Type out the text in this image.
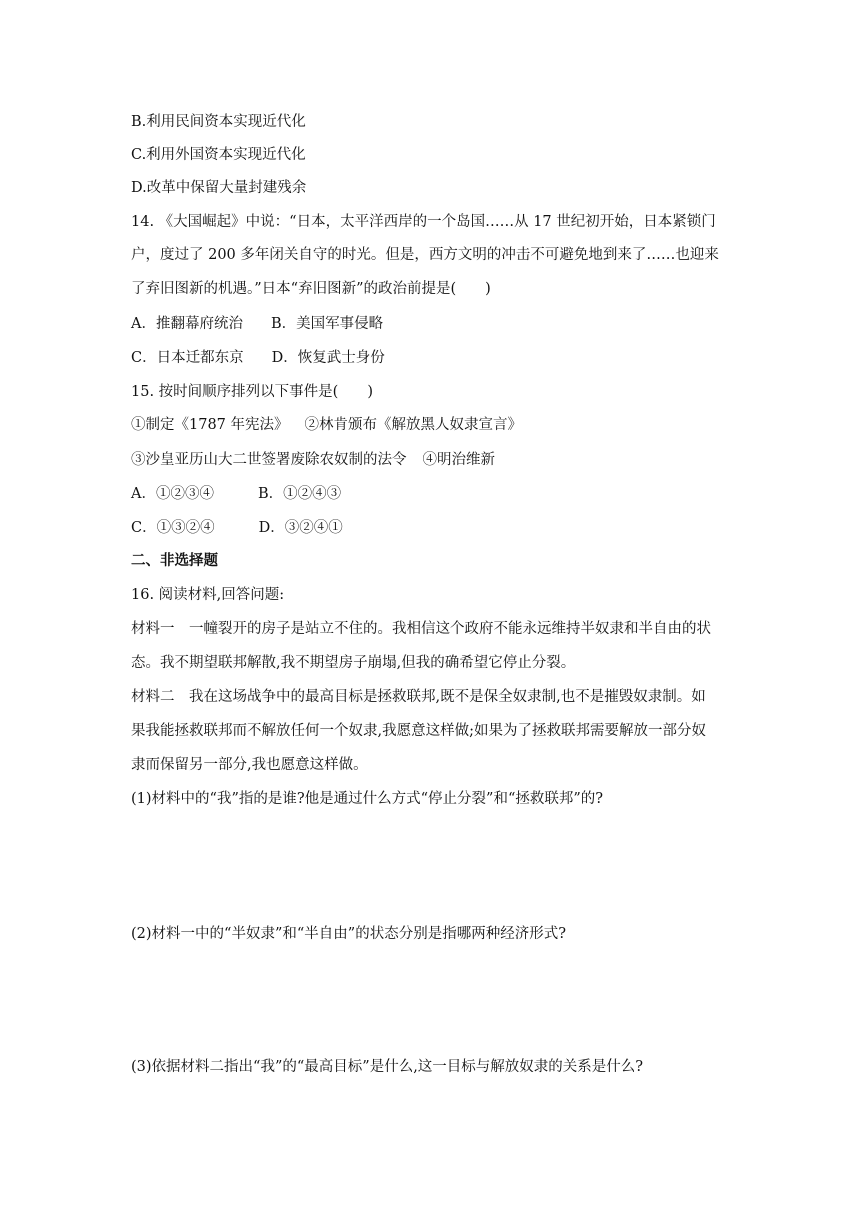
B.利用民间资本实现近代化
C.利用外国资本实现近代化
D.改革中保留大量封建残余
14. 《大国崛起》中说：“日本，太平洋西岸的一个岛国……从 17 世纪初开始，日本紧锁门
户，度过了 200 多年闭关自守的时光。但是，西方文明的冲击不可避免地到来了……也迎来
了弃旧图新的机遇。”日本“弃旧图新”的政治前提是(　　)
A．推翻幕府统治 B．美国军事侵略
C．日本迁都东京 D．恢复武士身份
15. 按时间顺序排列以下事件是(　　)
①制定《1787 年宪法》 ②林肯颁布《解放黑人奴隶宣言》
③沙皇亚历山大二世签署废除农奴制的法令 ④明治维新
A．①②③④	B．①②④③
C．①③②④	D．③②④①
二、非选择题
16. 阅读材料,回答问题:
材料一　一幢裂开的房子是站立不住的。我相信这个政府不能永远维持半奴隶和半自由的状
态。我不期望联邦解散,我不期望房子崩塌,但我的确希望它停止分裂。
材料二　我在这场战争中的最高目标是拯救联邦,既不是保全奴隶制,也不是摧毁奴隶制。如
果我能拯救联邦而不解放任何一个奴隶,我愿意这样做;如果为了拯救联邦需要解放一部分奴
隶而保留另一部分,我也愿意这样做。
(1)材料中的“我”指的是谁?他是通过什么方式“停止分裂”和“拯救联邦”的?
(2)材料一中的“半奴隶”和“半自由”的状态分别是指哪两种经济形式?
(3)依据材料二指出“我”的“最高目标”是什么,这一目标与解放奴隶的关系是什么?
